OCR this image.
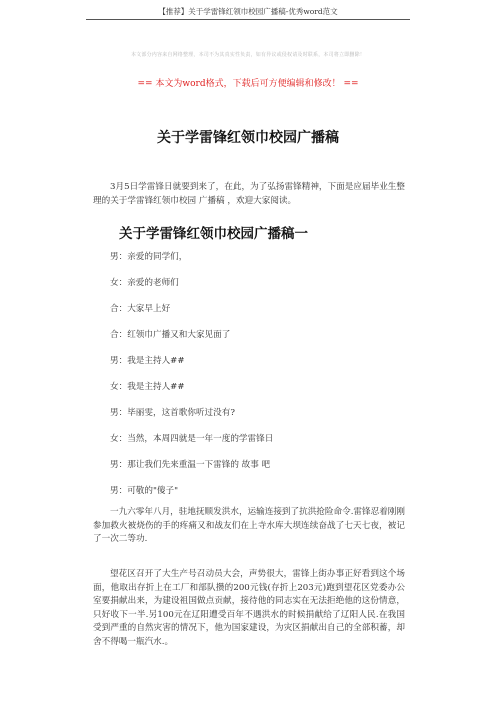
【推荐】关于学雷锋红领巾校园广播稿-优秀word范文
本文部分内容来自网络整理，本司不为其真实性负责，如有异议或侵权请及时联系，本司将立即删除！
== 本文为word格式，下载后可方便编辑和修改！ ==
关于学雷锋红领巾校园广播稿
3月5日学雷锋日就要到来了，在此，为了弘扬雷锋精神，下面是应届毕业生整理的关于学雷锋红领巾校园 广播稿 ，欢迎大家阅读。
关于学雷锋红领巾校园广播稿一
男：亲爱的同学们，
女：亲爱的老师们
合：大家早上好
合：红领巾广播又和大家见面了
男：我是主持人##
女：我是主持人##
男：毕丽雯，这首歌你听过没有?
女：当然，本周四就是一年一度的学雷锋日
男：那让我们先来重温一下雷锋的 故事 吧
男：可敬的"傻子"
一九六零年八月，驻地抚顺发洪水，运输连接到了抗洪抢险命令.雷锋忍着刚刚参加救火被烧伤的手的疼痛又和战友们在上寺水库大坝连续奋战了七天七夜，被记了一次二等功.
望花区召开了大生产号召动员大会，声势很大，雷锋上街办事正好看到这个场面，他取出存折上在工厂和部队攒的200元钱(存折上203元)跑到望花区党委办公室要捐献出来，为建设祖国做点贡献，接待他的同志实在无法拒绝他的这份情意，只好收下一半.另100元在辽阳遭受百年不遇洪水的时候捐献给了辽阳人民.在我国受到严重的自然灾害的情况下，他为国家建设，为灾区捐献出自己的全部积蓄，却舍不得喝一瓶汽水.。
